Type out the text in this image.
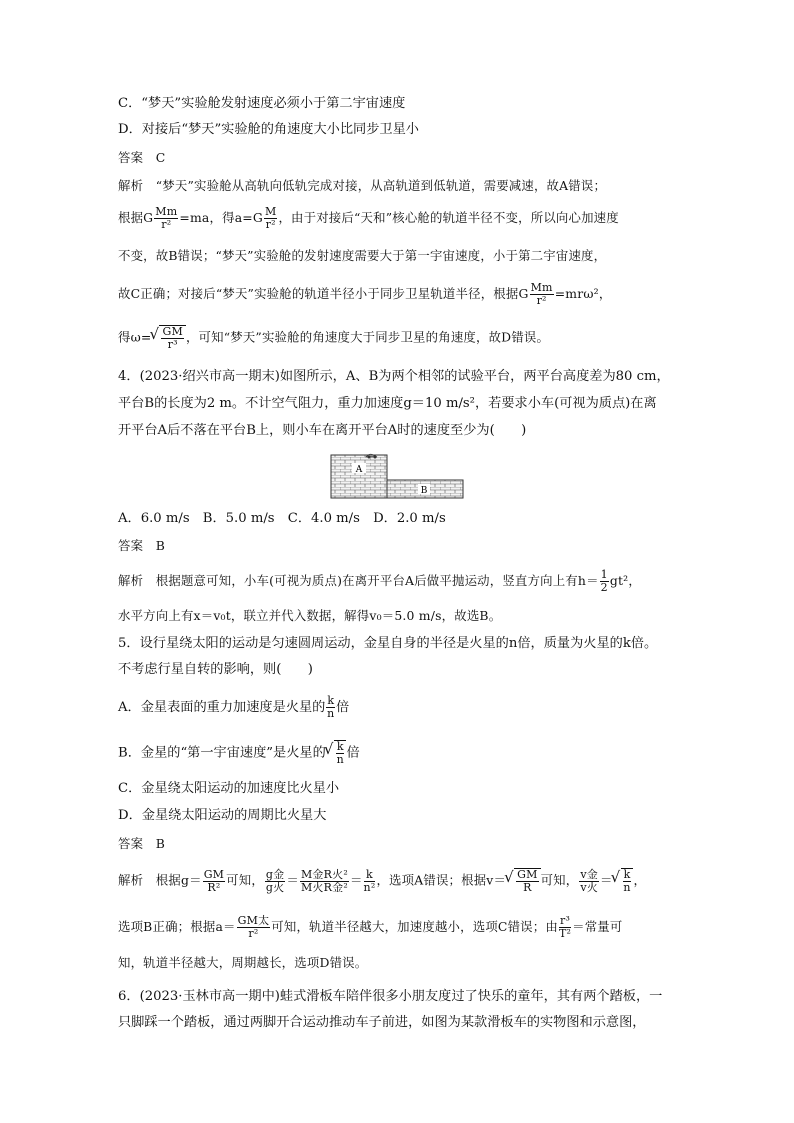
C．“梦天”实验舱发射速度必须小于第二宇宙速度
D．对接后“梦天”实验舱的角速度大小比同步卫星小
答案　C
解析　“梦天”实验舱从高轨向低轨完成对接，从高轨道到低轨道，需要减速，故A错误；
根据G $\frac{Mm}{\text{r²}} =ma$，得$a=G \frac{M}{\text{r²}}$ ，由于对接后“天和”核心舱的轨道半径不变，所以向心加速度
不变，故B错误；“梦天”实验舱的发射速度需要大于第一宇宙速度，小于第二宇宙速度，
故C正确；对接后“梦天”实验舱的轨道半径小于同步卫星轨道半径，根据G $\frac{Mm}{\text{r²}} =mr\omega^2$，
得ω= √ $\frac{GM}{\text{r³}}$ ，可知“梦天”实验舱的角速度大于同步卫星的角速度，故D错误。
4．(2023·绍兴市高一期末)如图所示，A、B为两个相邻的试验平台，两平台高度差为80 cm，
平台B的长度为2 m。不计空气阻力，重力加速度g＝10 m/s²，若要求小车(可视为质点)在离
开平台A后不落在平台B上，则小车在离开平台A时的速度至少为(　　)
A
B
A．6.0 m/s　B．5.0 m/s　C．4.0 m/s　D．2.0 m/s
答案　B
解析　根据题意可知，小车(可视为质点)在离开平台A后做平抛运动，竖直方向上有$h= \frac{1}{2} gt^2$，
水平方向上有x＝v₀t，联立并代入数据，解得v₀＝5.0 m/s，故选B。
5．设行星绕太阳的运动是匀速圆周运动，金星自身的半径是火星的n倍，质量为火星的k倍。
不考虑行星自转的影响，则(　　)
A．金星表面的重力加速度是火星的 $\frac{k}{n}$ 倍
B．金星的“第一宇宙速度”是火星的 √ $\frac{k}{n}$ 倍
C．金星绕太阳运动的加速度比火星小
D．金星绕太阳运动的周期比火星大
答案　B
解析　根据$g= \frac{GM}{\text{R²}}$ 可知， $\frac{\text{g金}}{\text{g火}} = \frac{\text{M金R火²}}{\text{M火R金²}} = \frac{k}{\text{n²}}$ ，选项A错误；根据v＝ √ $\frac{GM}{R}$ 可知， $\frac{\text{v金}}{\text{v火}}$ ＝ √ $\frac{k}{n}$ ，
选项B正确；根据$a= \frac{\text{GM太}}{\text{r²}}$ 可知，轨道半径越大，加速度越小，选项C错误；由 $\frac{\text{r³}}{\text{T²}}$ ＝常量可
知，轨道半径越大，周期越长，选项D错误。
6．(2023·玉林市高一期中)蛙式滑板车陪伴很多小朋友度过了快乐的童年，其有两个踏板，一
只脚踩一个踏板，通过两脚开合运动推动车子前进，如图为某款滑板车的实物图和示意图，
